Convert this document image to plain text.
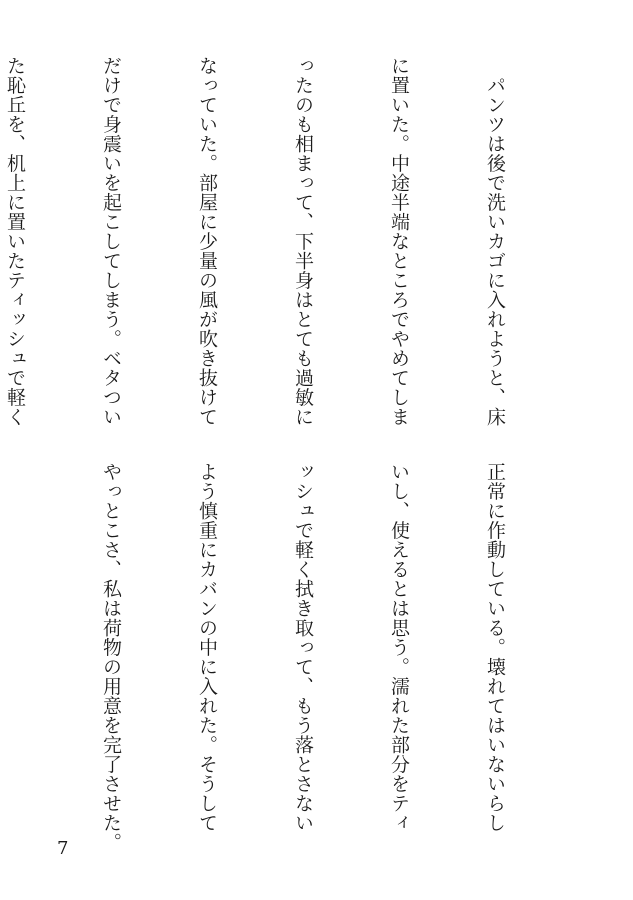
　パンツは後で洗いカゴに入れようと、床

に置いた。中途半端なところでやめてしま

ったのも相まって、下半身はとても過敏に

なっていた。部屋に少量の風が吹き抜けて

だけで身震いを起こしてしまう。ベタつい

た恥丘を、机上に置いたティッシュで軽く

正常に作動している。壊れてはいないらし

いし、使えるとは思う。濡れた部分をティ

ッシュで軽く拭き取って、もう落とさない

よう慎重にカバンの中に入れた。そうして

やっとこさ、私は荷物の用意を完了させた。

7
